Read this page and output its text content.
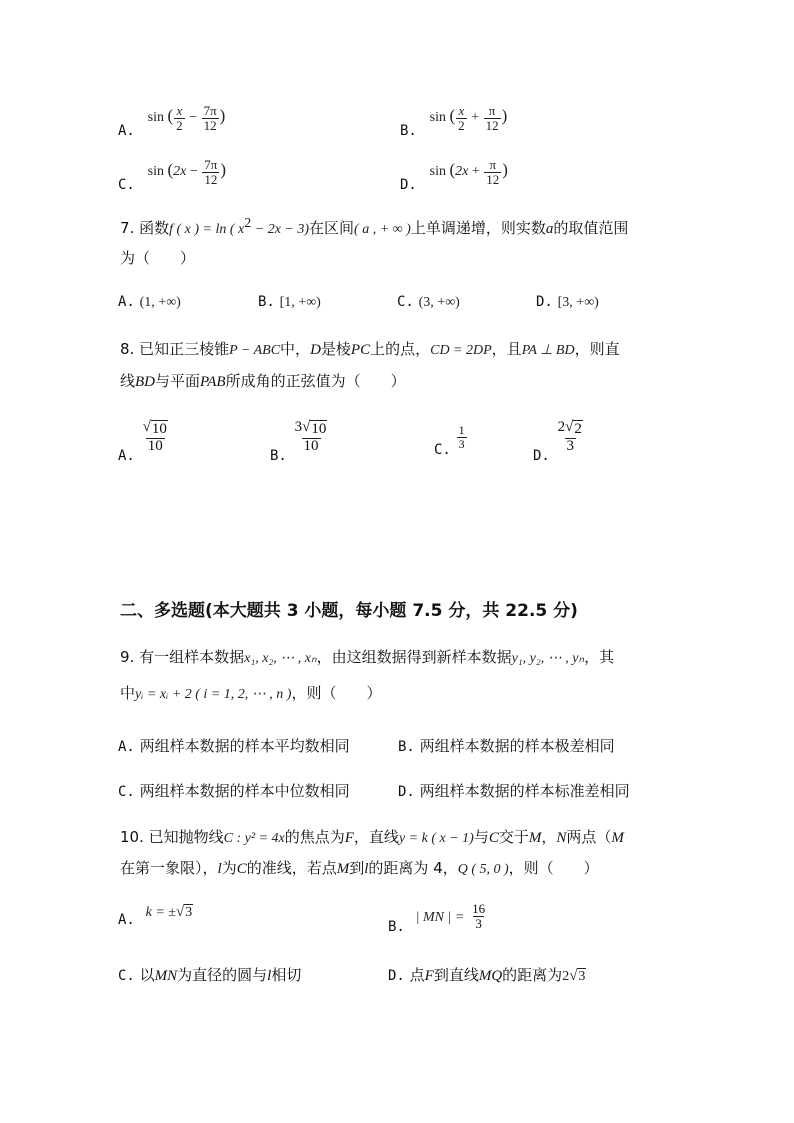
A. sin ( $\frac{x}{2} - \frac{7\pi}{12}$ )
B. sin ( $\frac{x}{2} + \frac{\pi}{12}$ )
C. $\sin (2x - \frac{7\pi}{12}$ )
D. $\sin (2x + \frac{\pi}{12}$ )
7. 函数f ( x ) = ln ( $x^2 - 2x - 3$)在区间( a , + ∞ )上单调递增，则实数a的取值范围
为（　　）
A. (1, +∞)	B. [1, +∞)	C. (3, +∞)	D. [3, +∞)
8. 已知正三棱锥P − ABC中，D是棱PC上的点，CD = 2DP，且PA ⊥ BD，则直
线BD与平面PAB所成角的正弦值为（　　）
A.
$\frac{√ 10}{10}$
B.
$\frac{3 √ 10}{10}$	C. $\frac{1}{3}$
D.
$\frac{2 √ 2}{3}$
二、多选题(本大题共 3 小题，每小题 7.5 分，共 22.5 分)
9. 有一组样本数据x₁, x₂, ⋯ , xₙ，由这组数据得到新样本数据y₁, y₂, ⋯ , yₙ，其
中yᵢ = xᵢ + 2 ( i = 1, 2, ⋯ , n )，则（　　）
A. 两组样本数据的样本平均数相同	B. 两组样本数据的样本极差相同
C. 两组样本数据的样本中位数相同	D. 两组样本数据的样本标准差相同
10. 已知抛物线C : y² = 4x的焦点为F，直线y = k ( x − 1)与C交于M，N两点（M
在第一象限），l为C的准线，若点M到l的距离为 4，Q ( 5, 0 )，则（　　）
A. k = ± √ 3
B. | MN | = $\frac{16}{3}$
C. 以MN为直径的圆与l相切	D. 点F到直线MQ的距离为2 √ 3
